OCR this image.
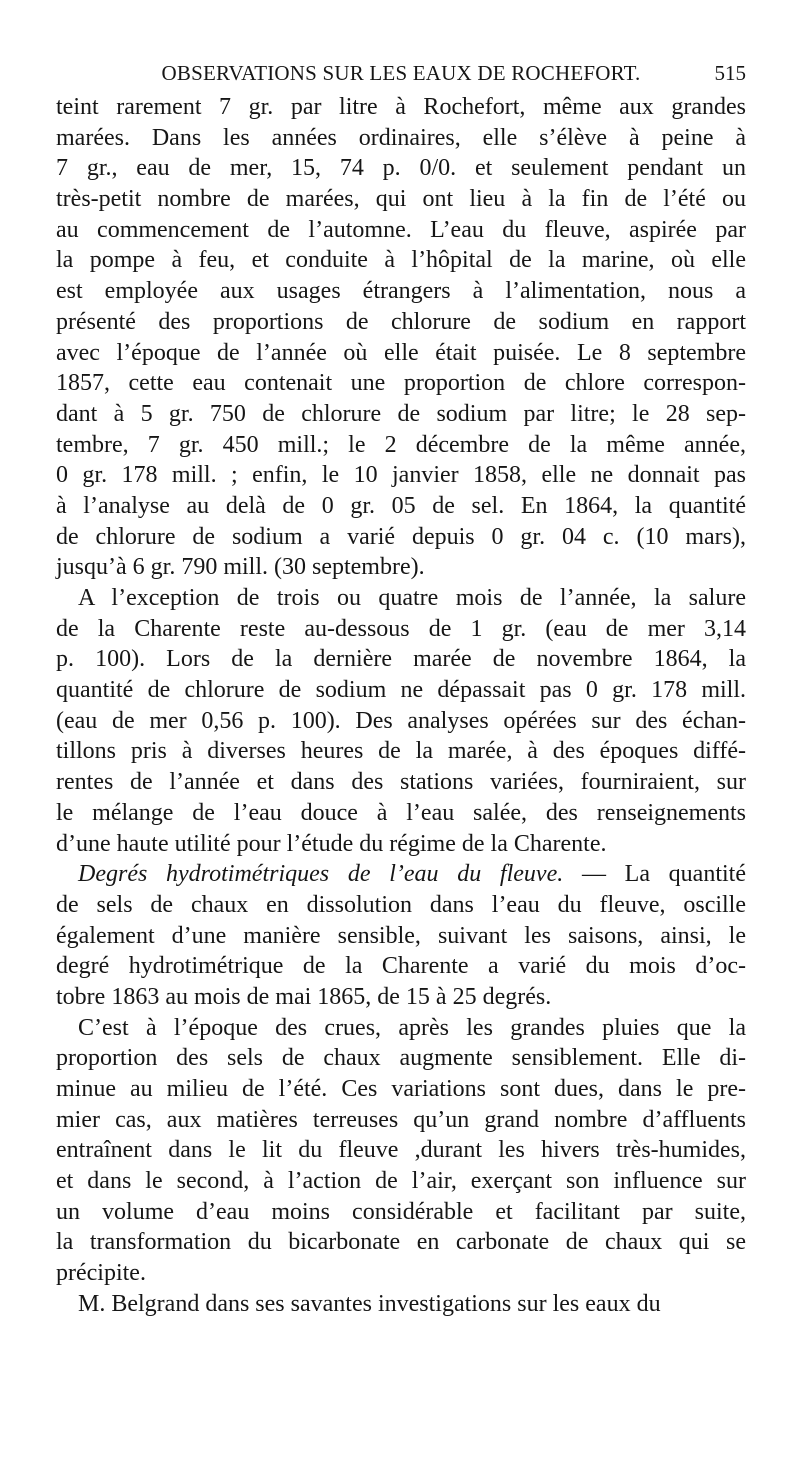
OBSERVATIONS SUR LES EAUX DE ROCHEFORT.	515
teint rarement 7 gr. par litre à Rochefort, même aux grandes
marées. Dans les années ordinaires, elle s’élève à peine à
7 gr., eau de mer, 15, 74 p. 0/0. et seulement pendant un
très-petit nombre de marées, qui ont lieu à la fin de l’été ou
au commencement de l’automne. L’eau du fleuve, aspirée par
la pompe à feu, et conduite à l’hôpital de la marine, où elle
est employée aux usages étrangers à l’alimentation, nous a
présenté des proportions de chlorure de sodium en rapport
avec l’époque de l’année où elle était puisée. Le 8 septembre
1857, cette eau contenait une proportion de chlore correspon-
dant à 5 gr. 750 de chlorure de sodium par litre; le 28 sep-
tembre, 7 gr. 450 mill.; le 2 décembre de la même année,
0 gr. 178 mill. ; enfin, le 10 janvier 1858, elle ne donnait pas
à l’analyse au delà de 0 gr. 05 de sel. En 1864, la quantité
de chlorure de sodium a varié depuis 0 gr. 04 c. (10 mars),
jusqu’à 6 gr. 790 mill. (30 septembre).
A l’exception de trois ou quatre mois de l’année, la salure
de la Charente reste au-dessous de 1 gr. (eau de mer 3,14
p. 100). Lors de la dernière marée de novembre 1864, la
quantité de chlorure de sodium ne dépassait pas 0 gr. 178 mill.
(eau de mer 0,56 p. 100). Des analyses opérées sur des échan-
tillons pris à diverses heures de la marée, à des époques diffé-
rentes de l’année et dans des stations variées, fourniraient, sur
le mélange de l’eau douce à l’eau salée, des renseignements
d’une haute utilité pour l’étude du régime de la Charente.
Degrés hydrotimétriques de l’eau du fleuve. — La quantité
de sels de chaux en dissolution dans l’eau du fleuve, oscille
également d’une manière sensible, suivant les saisons, ainsi, le
degré hydrotimétrique de la Charente a varié du mois d’oc-
tobre 1863 au mois de mai 1865, de 15 à 25 degrés.
C’est à l’époque des crues, après les grandes pluies que la
proportion des sels de chaux augmente sensiblement. Elle di-
minue au milieu de l’été. Ces variations sont dues, dans le pre-
mier cas, aux matières terreuses qu’un grand nombre d’affluents
entraînent dans le lit du fleuve ,durant les hivers très-humides,
et dans le second, à l’action de l’air, exerçant son influence sur
un volume d’eau moins considérable et facilitant par suite,
la transformation du bicarbonate en carbonate de chaux qui se
précipite.
M. Belgrand dans ses savantes investigations sur les eaux du
